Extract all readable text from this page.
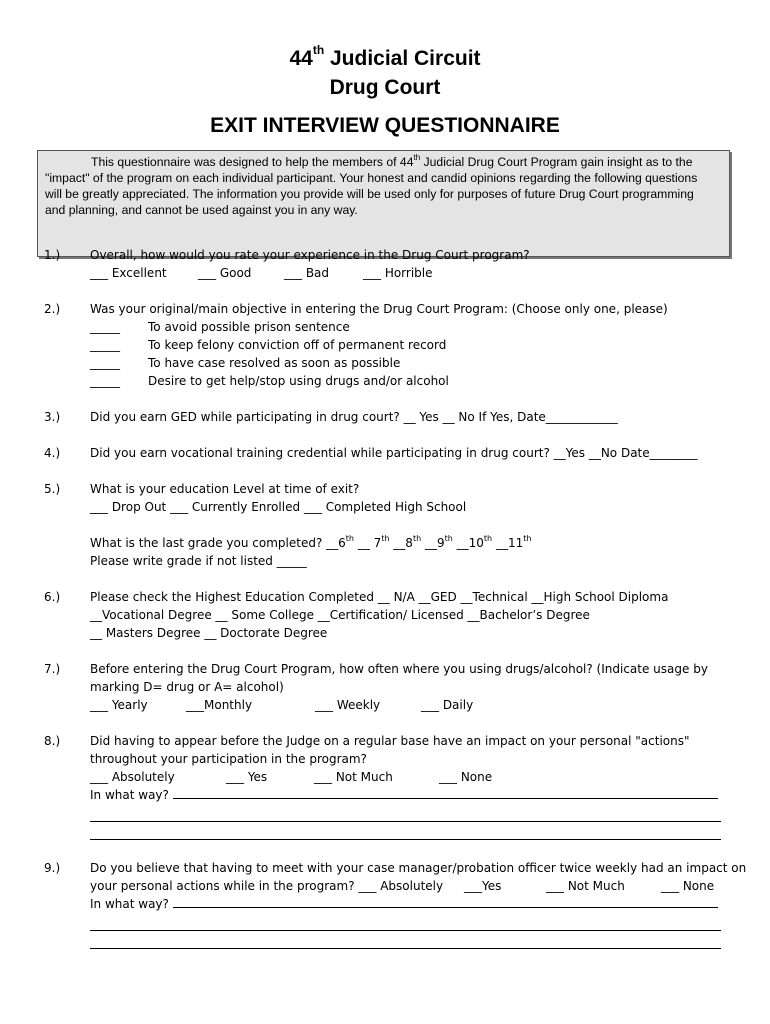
44th Judicial Circuit
Drug Court
EXIT INTERVIEW QUESTIONNAIRE
This questionnaire was designed to help the members of 44th Judicial Drug Court Program gain insight as to the
"impact" of the program on each individual participant. Your honest and candid opinions regarding the following questions
will be greatly appreciated. The information you provide will be used only for purposes of future Drug Court programming
and planning, and cannot be used against you in any way.
1.) Overall, how would you rate your experience in the Drug Court program?
___ Excellent	___ Good	___ Bad	___ Horrible
2.) Was your original/main objective in entering the Drug Court Program: (Choose only one, please)
_____ To avoid possible prison sentence
_____ To keep felony conviction off of permanent record
_____ To have case resolved as soon as possible
_____ Desire to get help/stop using drugs and/or alcohol
3.) Did you earn GED while participating in drug court? __ Yes __ No If Yes, Date____________
4.) Did you earn vocational training credential while participating in drug court? __Yes __No Date________
5.) What is your education Level at time of exit?
___ Drop Out ___ Currently Enrolled ___ Completed High School
What is the last grade you completed? __6th __ 7th __8th __9th __10th __11th
Please write grade if not listed _____
6.) Please check the Highest Education Completed __ N/A __GED __Technical __High School Diploma
__Vocational Degree __ Some College __Certification/ Licensed __Bachelor’s Degree
__ Masters Degree __ Doctorate Degree
7.) Before entering the Drug Court Program, how often where you using drugs/alcohol? (Indicate usage by
marking D= drug or A= alcohol)
___ Yearly	___Monthly	___ Weekly	___ Daily
8.) Did having to appear before the Judge on a regular base have an impact on your personal "actions"
throughout your participation in the program?
___ Absolutely	___ Yes	___ Not Much	___ None
In what way?
9.) Do you believe that having to meet with your case manager/probation officer twice weekly had an impact on
your personal actions while in the program? ___ Absolutely ___Yes	___ Not Much	___ None
In what way?
